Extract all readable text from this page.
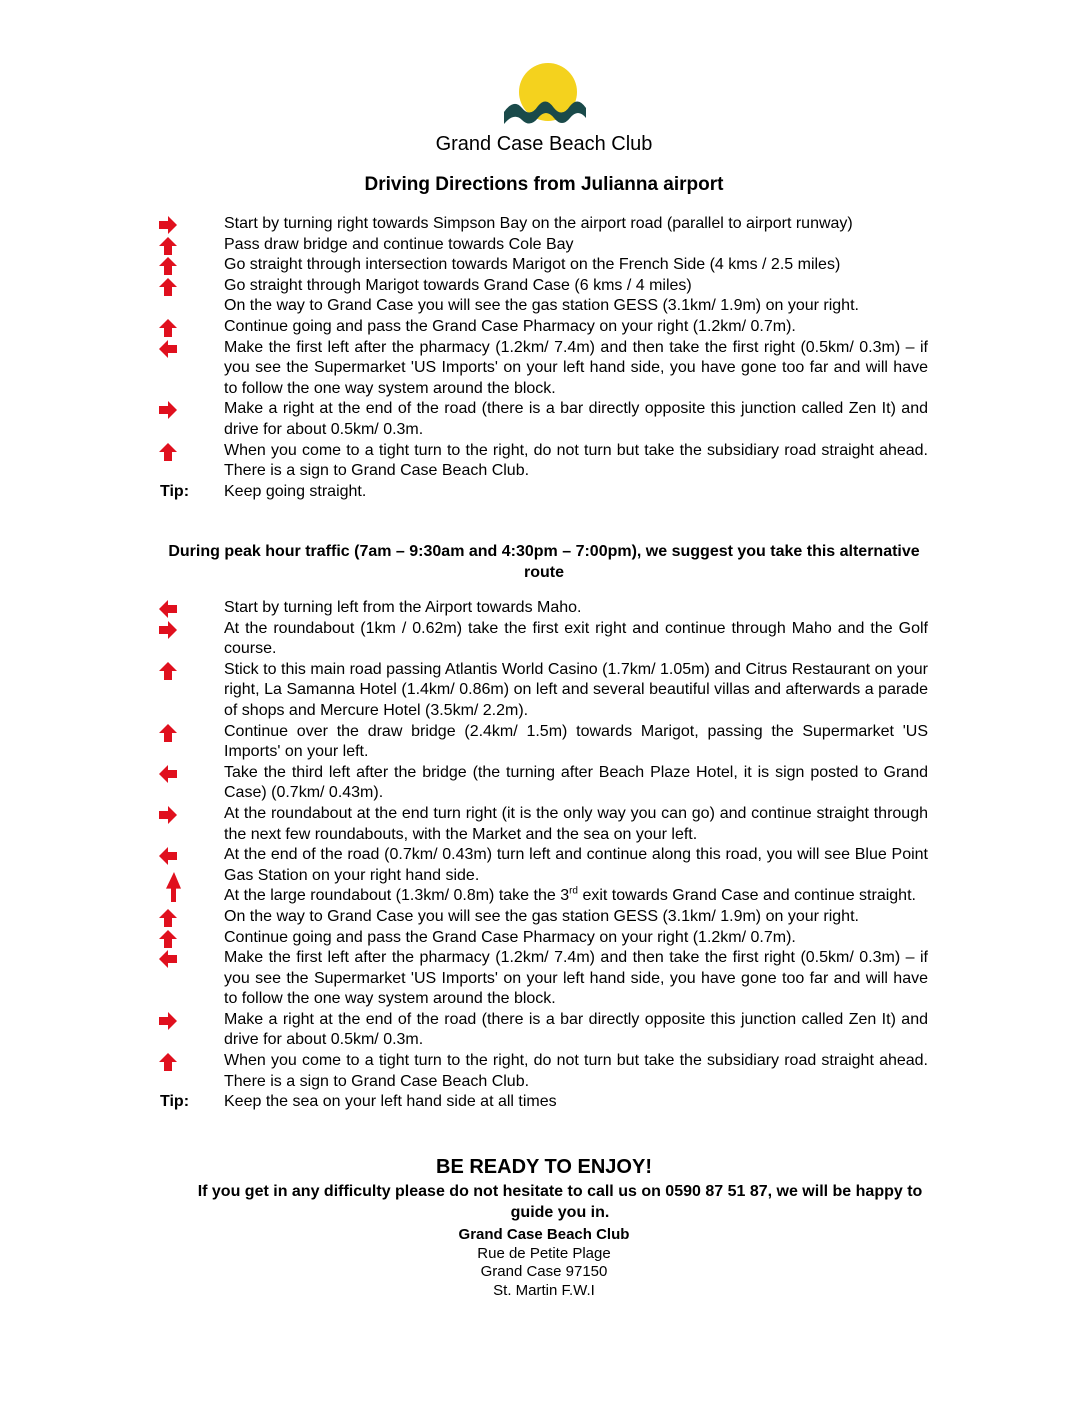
Grand Case Beach Club
Driving Directions from Julianna airport
Start by turning right towards Simpson Bay on the airport road (parallel to airport runway)
Pass draw bridge and continue towards Cole Bay
Go straight through intersection towards Marigot on the French Side (4 kms / 2.5 miles)
Go straight through Marigot towards Grand Case (6 kms / 4 miles)
On the way to Grand Case you will see the gas station GESS (3.1km/ 1.9m) on your right.
Continue going and pass the Grand Case Pharmacy on your right (1.2km/ 0.7m).
Make the first left after the pharmacy (1.2km/ 7.4m) and then take the first right (0.5km/ 0.3m) – if you see the Supermarket 'US Imports' on your left hand side, you have gone too far and will have to follow the one way system around the block.
Make a right at the end of the road (there is a bar directly opposite this junction called Zen It) and drive for about 0.5km/ 0.3m.
When you come to a tight turn to the right, do not turn but take the subsidiary road straight ahead. There is a sign to Grand Case Beach Club.
Tip: Keep going straight.
During peak hour traffic (7am – 9:30am and 4:30pm – 7:00pm), we suggest you take this alternative route
Start by turning left from the Airport towards Maho.
At the roundabout (1km / 0.62m) take the first exit right and continue through Maho and the Golf course.
Stick to this main road passing Atlantis World Casino (1.7km/ 1.05m) and Citrus Restaurant on your right, La Samanna Hotel (1.4km/ 0.86m) on left and several beautiful villas and afterwards a parade of shops and Mercure Hotel (3.5km/ 2.2m).
Continue over the draw bridge (2.4km/ 1.5m) towards Marigot, passing the Supermarket 'US Imports' on your left.
Take the third left after the bridge (the turning after Beach Plaze Hotel, it is sign posted to Grand Case) (0.7km/ 0.43m).
At the roundabout at the end turn right (it is the only way you can go) and continue straight through the next few roundabouts, with the Market and the sea on your left.
At the end of the road (0.7km/ 0.43m) turn left and continue along this road, you will see Blue Point Gas Station on your right hand side.
At the large roundabout (1.3km/ 0.8m) take the 3rd exit towards Grand Case and continue straight.
On the way to Grand Case you will see the gas station GESS (3.1km/ 1.9m) on your right.
Continue going and pass the Grand Case Pharmacy on your right (1.2km/ 0.7m).
Make the first left after the pharmacy (1.2km/ 7.4m) and then take the first right (0.5km/ 0.3m) – if you see the Supermarket 'US Imports' on your left hand side, you have gone too far and will have to follow the one way system around the block.
Make a right at the end of the road (there is a bar directly opposite this junction called Zen It) and drive for about 0.5km/ 0.3m.
When you come to a tight turn to the right, do not turn but take the subsidiary road straight ahead. There is a sign to Grand Case Beach Club.
Tip: Keep the sea on your left hand side at all times
BE READY TO ENJOY!
If you get in any difficulty please do not hesitate to call us on 0590 87 51 87, we will be happy to guide you in.
Grand Case Beach Club
Rue de Petite Plage
Grand Case 97150
St. Martin F.W.I
